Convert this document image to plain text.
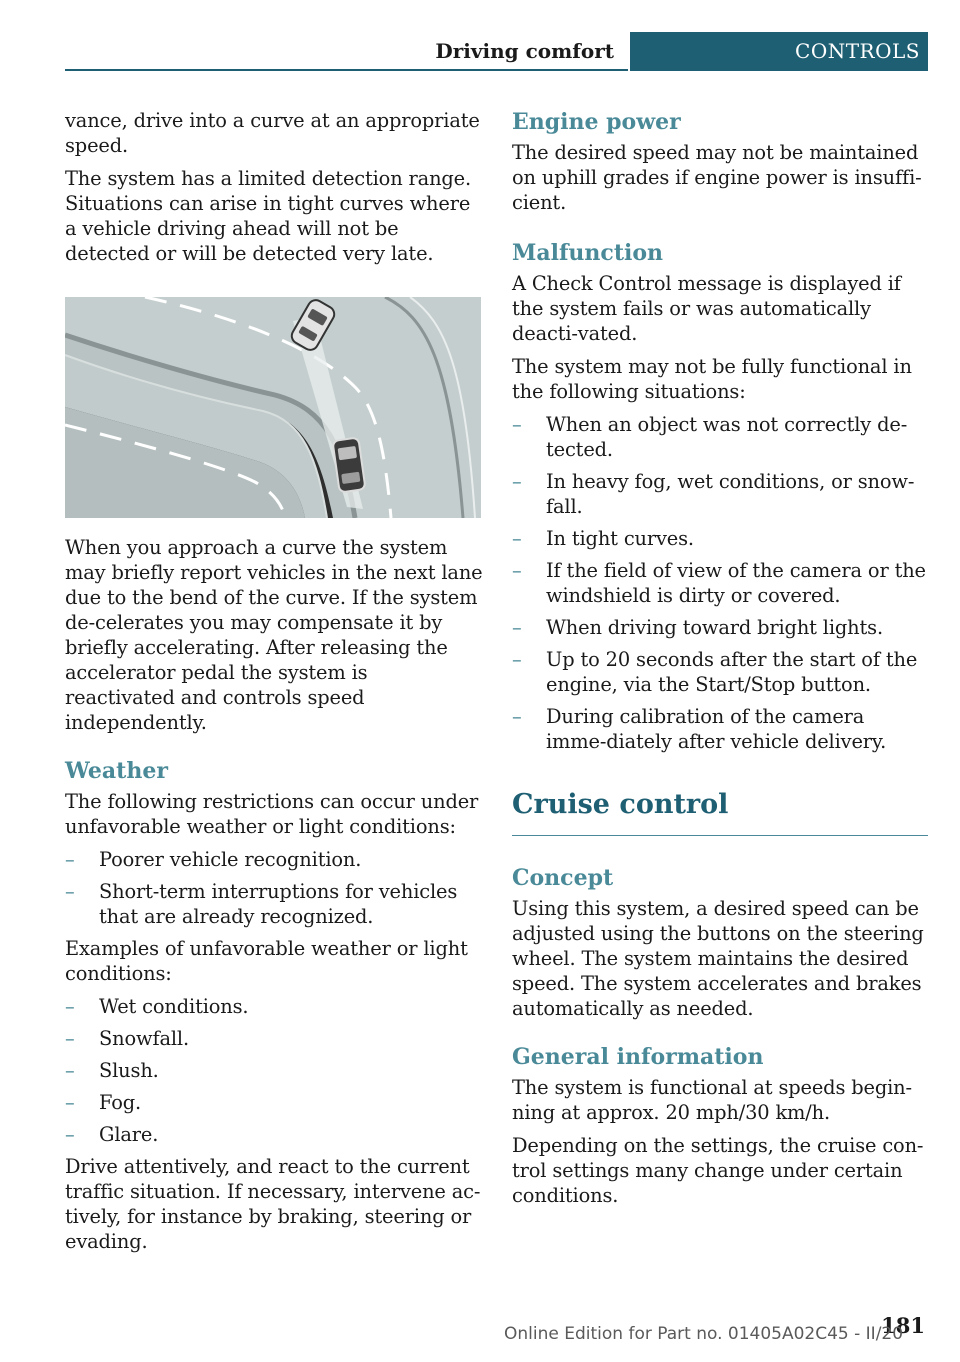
Driving comfort	CONTROLS

vance, drive into a curve at an appropriate speed.

The system has a limited detection range. Situations can arise in tight curves where a vehicle driving ahead will not be detected or will be detected very late.

When you approach a curve the system may briefly report vehicles in the next lane due to the bend of the curve. If the system de-celerates you may compensate it by briefly accelerating. After releasing the accelerator pedal the system is reactivated and controls speed independently.

Weather

The following restrictions can occur under unfavorable weather or light conditions:

–	Poorer vehicle recognition.
–	Short-term interruptions for vehicles that are already recognized.

Examples of unfavorable weather or light conditions:

–	Wet conditions.
–	Snowfall.
–	Slush.
–	Fog.
–	Glare.

Drive attentively, and react to the current traffic situation. If necessary, intervene ac-tively, for instance by braking, steering or evading.

Engine power

The desired speed may not be maintained on uphill grades if engine power is insuffi-cient.

Malfunction

A Check Control message is displayed if the system fails or was automatically deacti-vated.

The system may not be fully functional in the following situations:

–	When an object was not correctly de-tected.
–	In heavy fog, wet conditions, or snow-fall.
–	In tight curves.
–	If the field of view of the camera or the windshield is dirty or covered.
–	When driving toward bright lights.
–	Up to 20 seconds after the start of the engine, via the Start/Stop button.
–	During calibration of the camera imme-diately after vehicle delivery.
Cruise control
Concept

Using this system, a desired speed can be adjusted using the buttons on the steering wheel. The system maintains the desired speed. The system accelerates and brakes automatically as needed.

General information

The system is functional at speeds begin-ning at approx. 20 mph/30 km/h.

Depending on the settings, the cruise con-trol settings many change under certain conditions.

181
Online Edition for Part no. 01405A02C45 - II/20
